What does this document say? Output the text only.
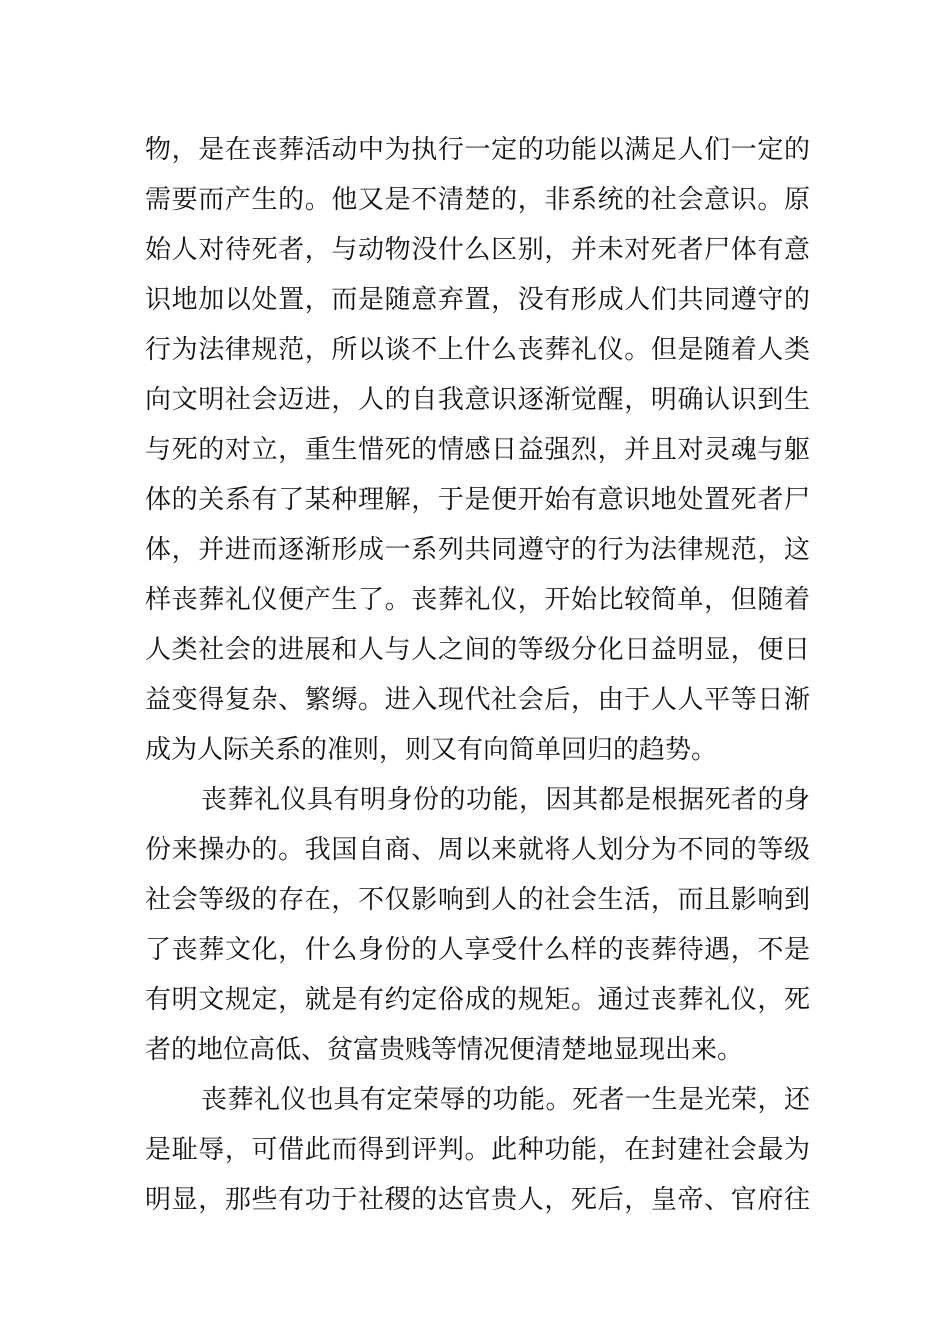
物，是在丧葬活动中为执行一定的功能以满足人们一定的
需要而产生的。他又是不清楚的，非系统的社会意识。原
始人对待死者，与动物没什么区别，并未对死者尸体有意
识地加以处置，而是随意弃置，没有形成人们共同遵守的
行为法律规范，所以谈不上什么丧葬礼仪。但是随着人类
向文明社会迈进，人的自我意识逐渐觉醒，明确认识到生
与死的对立，重生惜死的情感日益强烈，并且对灵魂与躯
体的关系有了某种理解，于是便开始有意识地处置死者尸
体，并进而逐渐形成一系列共同遵守的行为法律规范，这
样丧葬礼仪便产生了。丧葬礼仪，开始比较简单，但随着
人类社会的进展和人与人之间的等级分化日益明显，便日
益变得复杂、繁缛。进入现代社会后，由于人人平等日渐
成为人际关系的准则，则又有向简单回归的趋势。
丧葬礼仪具有明身份的功能，因其都是根据死者的身
份来操办的。我国自商、周以来就将人划分为不同的等级
社会等级的存在，不仅影响到人的社会生活，而且影响到
了丧葬文化，什么身份的人享受什么样的丧葬待遇，不是
有明文规定，就是有约定俗成的规矩。通过丧葬礼仪，死
者的地位高低、贫富贵贱等情况便清楚地显现出来。
丧葬礼仪也具有定荣辱的功能。死者一生是光荣，还
是耻辱，可借此而得到评判。此种功能，在封建社会最为
明显，那些有功于社稷的达官贵人，死后，皇帝、官府往
